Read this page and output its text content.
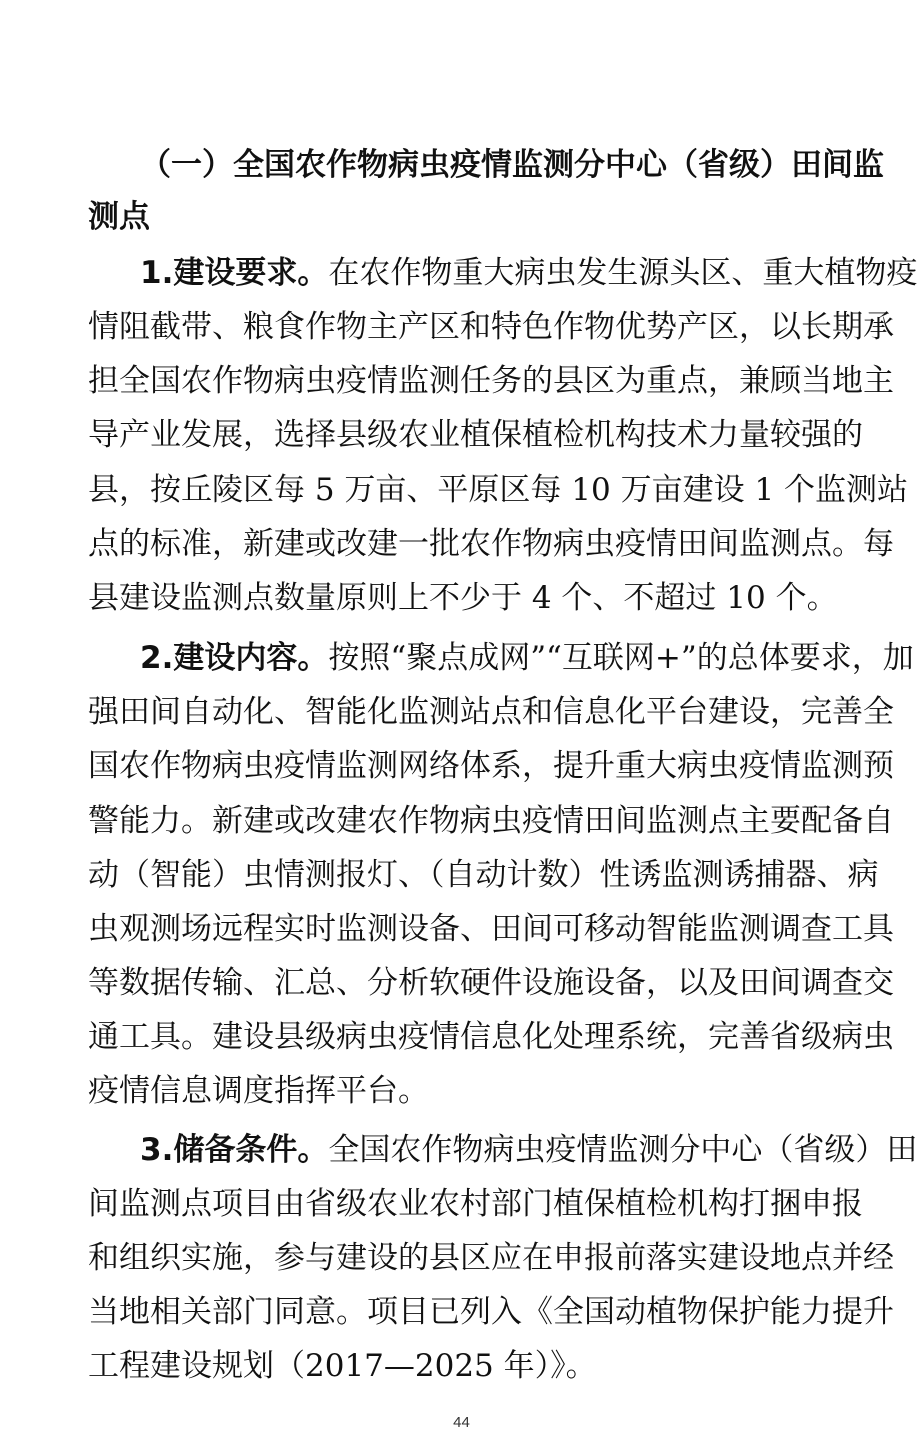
（一）全国农作物病虫疫情监测分中心（省级）田间监
测点
1.建设要求。在农作物重大病虫发生源头区、重大植物疫
情阻截带、粮食作物主产区和特色作物优势产区，以长期承
担全国农作物病虫疫情监测任务的县区为重点，兼顾当地主
导产业发展，选择县级农业植保植检机构技术力量较强的
县，按丘陵区每 5 万亩、平原区每 10 万亩建设 1 个监测站
点的标准，新建或改建一批农作物病虫疫情田间监测点。每
县建设监测点数量原则上不少于 4 个、不超过 10 个。
2.建设内容。按照“聚点成网”“互联网+”的总体要求，加
强田间自动化、智能化监测站点和信息化平台建设，完善全
国农作物病虫疫情监测网络体系，提升重大病虫疫情监测预
警能力。新建或改建农作物病虫疫情田间监测点主要配备自
动（智能）虫情测报灯、（自动计数）性诱监测诱捕器、病
虫观测场远程实时监测设备、田间可移动智能监测调查工具
等数据传输、汇总、分析软硬件设施设备，以及田间调查交
通工具。建设县级病虫疫情信息化处理系统，完善省级病虫
疫情信息调度指挥平台。
3.储备条件。全国农作物病虫疫情监测分中心（省级）田
间监测点项目由省级农业农村部门植保植检机构打捆申报
和组织实施，参与建设的县区应在申报前落实建设地点并经
当地相关部门同意。项目已列入《全国动植物保护能力提升
工程建设规划（2017—2025 年）》。
44
